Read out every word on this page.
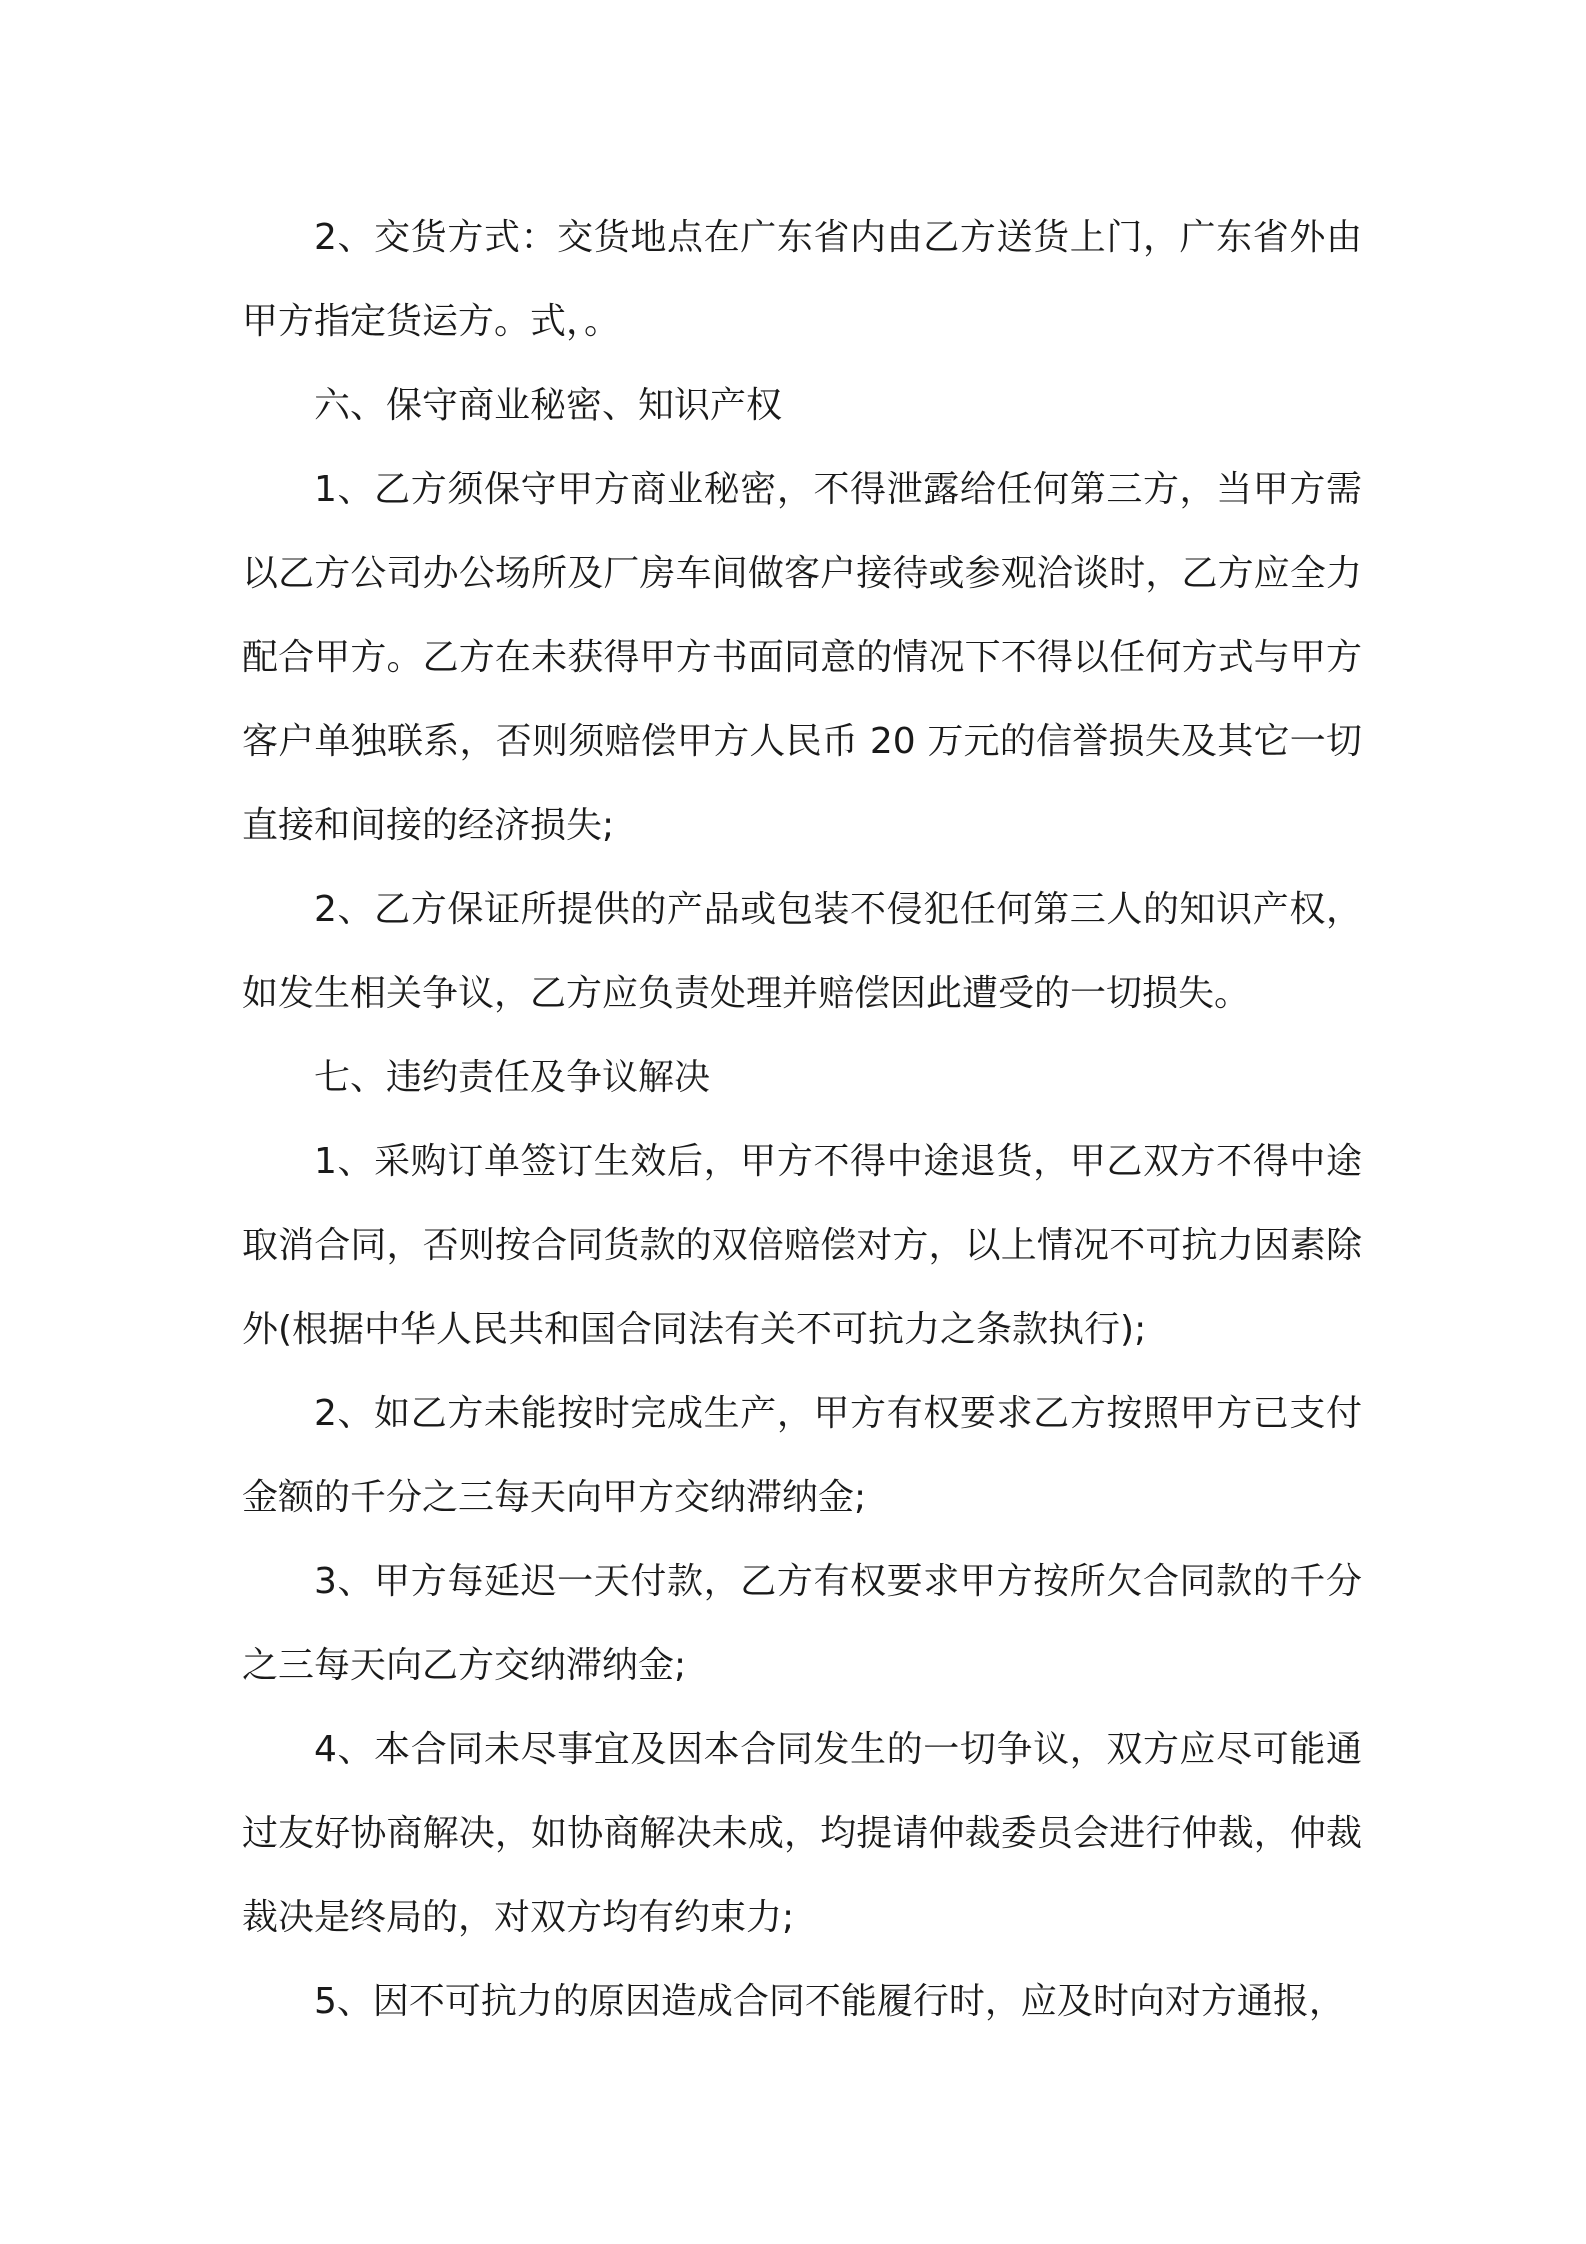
2、交货方式：交货地点在广东省内由乙方送货上门，广东省外由甲方指定货运方。式，。

六、保守商业秘密、知识产权

1、乙方须保守甲方商业秘密，不得泄露给任何第三方，当甲方需以乙方公司办公场所及厂房车间做客户接待或参观洽谈时，乙方应全力配合甲方。乙方在未获得甲方书面同意的情况下不得以任何方式与甲方客户单独联系，否则须赔偿甲方人民币 20 万元的信誉损失及其它一切直接和间接的经济损失;

2、乙方保证所提供的产品或包装不侵犯任何第三人的知识产权，如发生相关争议，乙方应负责处理并赔偿因此遭受的一切损失。

七、违约责任及争议解决

1、采购订单签订生效后，甲方不得中途退货，甲乙双方不得中途取消合同，否则按合同货款的双倍赔偿对方，以上情况不可抗力因素除外(根据中华人民共和国合同法有关不可抗力之条款执行);

2、如乙方未能按时完成生产，甲方有权要求乙方按照甲方已支付金额的千分之三每天向甲方交纳滞纳金;

3、甲方每延迟一天付款，乙方有权要求甲方按所欠合同款的千分之三每天向乙方交纳滞纳金;

4、本合同未尽事宜及因本合同发生的一切争议，双方应尽可能通过友好协商解决，如协商解决未成，均提请仲裁委员会进行仲裁，仲裁裁决是终局的，对双方均有约束力;

5、因不可抗力的原因造成合同不能履行时，应及时向对方通报，
